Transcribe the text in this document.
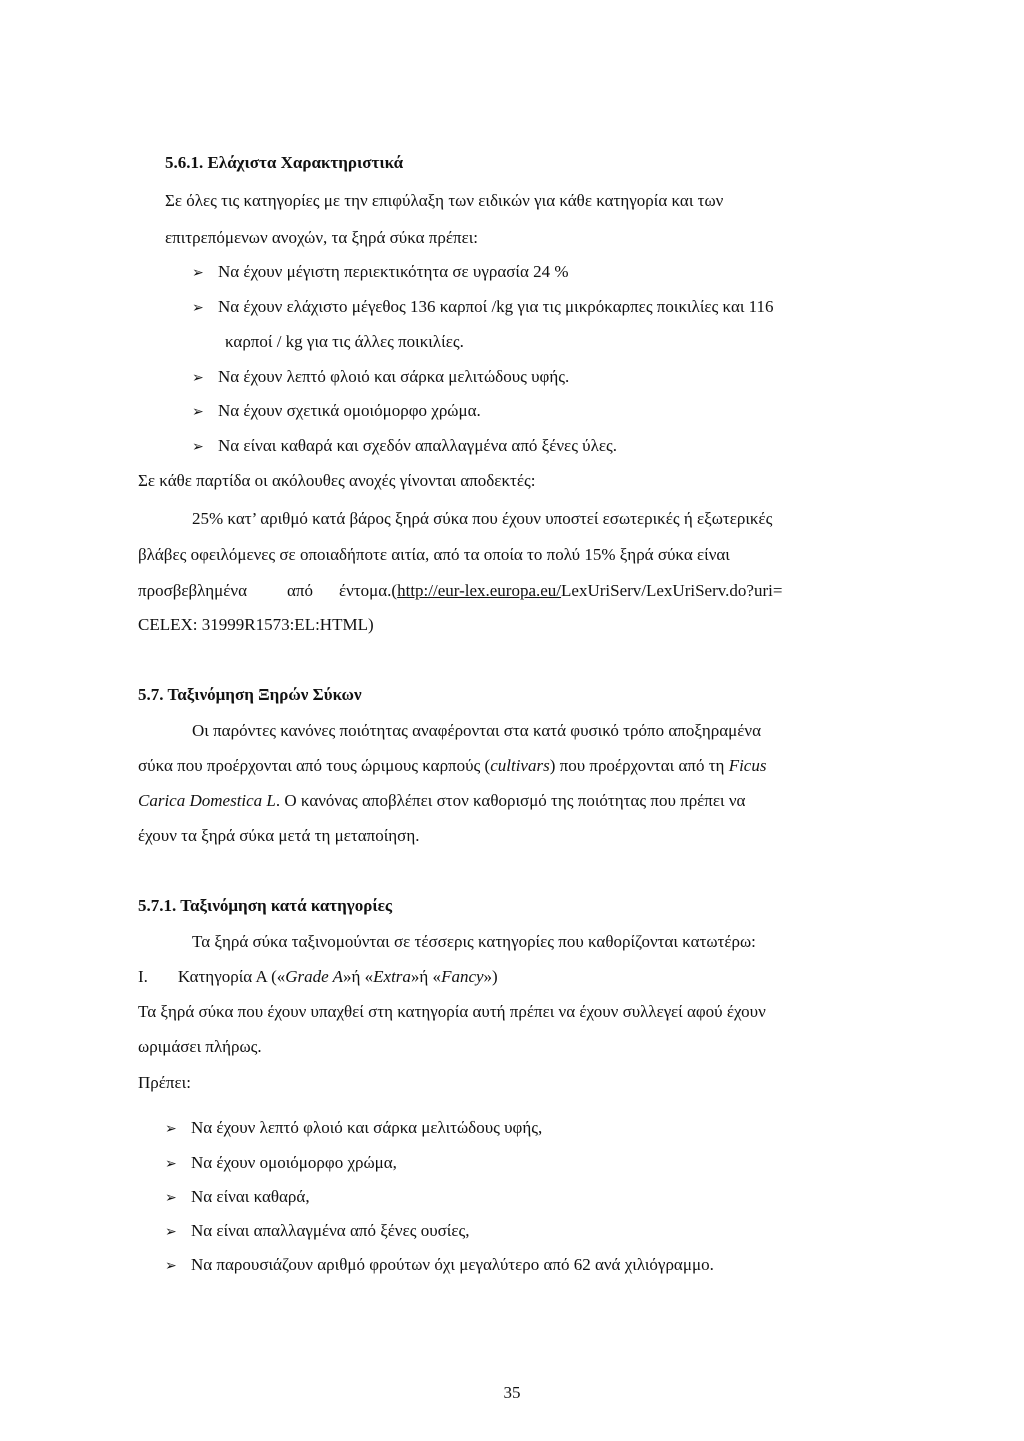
5.6.1. Ελάχιστα Χαρακτηριστικά
Σε όλες τις κατηγορίες με την επιφύλαξη των ειδικών για κάθε κατηγορία και των
επιτρεπόμενων ανοχών, τα ξηρά σύκα πρέπει:
➢ Να έχουν μέγιστη περιεκτικότητα σε υγρασία 24 %
➢ Να έχουν ελάχιστο μέγεθος 136 καρποί /kg για τις μικρόκαρπες ποικιλίες και 116
καρποί / kg για τις άλλες ποικιλίες.
➢ Να έχουν λεπτό φλοιό και σάρκα μελιτώδους υφής.
➢ Να έχουν σχετικά ομοιόμορφο χρώμα.
➢ Να είναι καθαρά και σχεδόν απαλλαγμένα από ξένες ύλες.
Σε κάθε παρτίδα οι ακόλουθες ανοχές γίνονται αποδεκτές:
25% κατ’ αριθμό κατά βάρος ξηρά σύκα που έχουν υποστεί εσωτερικές ή εξωτερικές
βλάβες οφειλόμενες σε οποιαδήποτε αιτία, από τα οποία το πολύ 15% ξηρά σύκα είναι
προσβεβλημένα από έντομα.(http://eur-lex.europa.eu/LexUriServ/LexUriServ.do?uri=
CELEX: 31999R1573:EL:HTML)
5.7. Ταξινόμηση Ξηρών Σύκων
Οι παρόντες κανόνες ποιότητας αναφέρονται στα κατά φυσικό τρόπο αποξηραμένα
σύκα που προέρχονται από τους ώριμους καρπούς (cultivars) που προέρχονται από τη Ficus
Carica Domestica L. Ο κανόνας αποβλέπει στον καθορισμό της ποιότητας που πρέπει να
έχουν τα ξηρά σύκα μετά τη μεταποίηση.
5.7.1. Ταξινόμηση κατά κατηγορίες
Τα ξηρά σύκα ταξινομούνται σε τέσσερις κατηγορίες που καθορίζονται κατωτέρω:
I. Κατηγορία Α («Grade A»ή «Extra»ή «Fancy»)
Τα ξηρά σύκα που έχουν υπαχθεί στη κατηγορία αυτή πρέπει να έχουν συλλεγεί αφού έχουν
ωριμάσει πλήρως.
Πρέπει:
➢ Να έχουν λεπτό φλοιό και σάρκα μελιτώδους υφής,
➢ Να έχουν ομοιόμορφο χρώμα,
➢ Να είναι καθαρά,
➢ Να είναι απαλλαγμένα από ξένες ουσίες,
➢ Να παρουσιάζουν αριθμό φρούτων όχι μεγαλύτερο από 62 ανά χιλιόγραμμο.
35
